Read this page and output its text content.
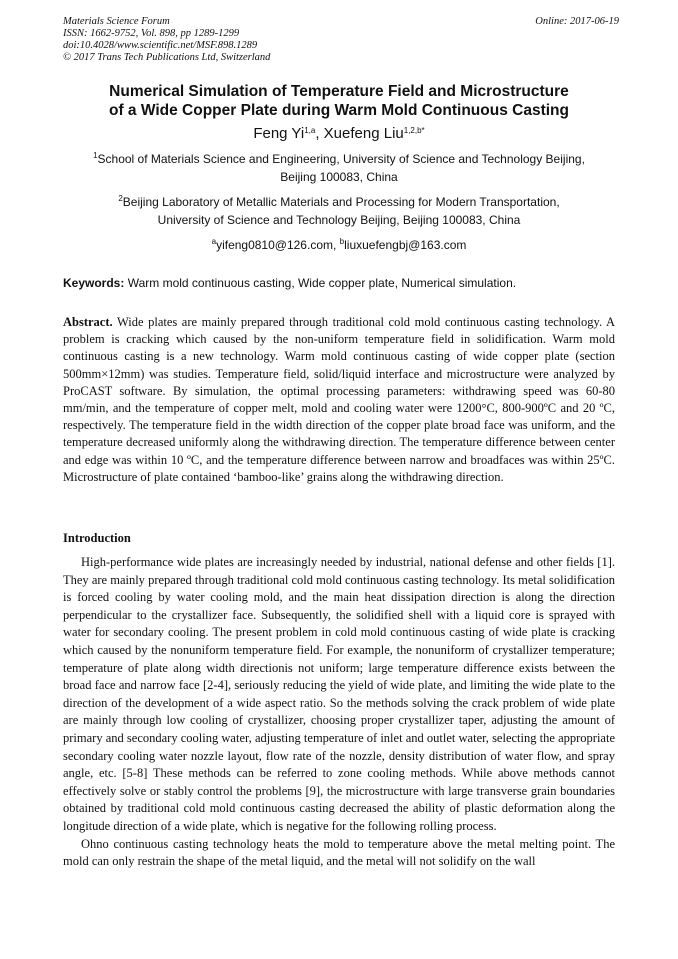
Materials Science Forum
ISSN: 1662-9752, Vol. 898, pp 1289-1299
doi:10.4028/www.scientific.net/MSF.898.1289
© 2017 Trans Tech Publications Ltd, Switzerland
Online: 2017-06-19
Numerical Simulation of Temperature Field and Microstructure
of a Wide Copper Plate during Warm Mold Continuous Casting
Feng Yi$^{1,a}$, Xuefeng Liu$^{1,2,b*}$
$^1$School of Materials Science and Engineering, University of Science and Technology Beijing,
Beijing 100083, China
$^2$Beijing Laboratory of Metallic Materials and Processing for Modern Transportation,
University of Science and Technology Beijing, Beijing 100083, China
$^a$yifeng0810@126.com, $^b$liuxuefengbj@163.com
Keywords: Warm mold continuous casting, Wide copper plate, Numerical simulation.

Abstract. Wide plates are mainly prepared through traditional cold mold continuous casting technology. A problem is cracking which caused by the non-uniform temperature field in solidification. Warm mold continuous casting is a new technology. Warm mold continuous casting of wide copper plate (section 500mm×12mm) was studies. Temperature field, solid/liquid interface and microstructure were analyzed by ProCAST software. By simulation, the optimal processing parameters: withdrawing speed was 60-80 mm/min, and the temperature of copper melt, mold and cooling water were 1200°C, 800-900ºC and 20 ºC, respectively. The temperature field in the width direction of the copper plate broad face was uniform, and the temperature decreased uniformly along the withdrawing direction. The temperature difference between center and edge was within 10 ºC, and the temperature difference between narrow and broadfaces was within 25ºC. Microstructure of plate contained ‘bamboo-like’ grains along the withdrawing direction.

Introduction

High-performance wide plates are increasingly needed by industrial, national defense and other fields [1]. They are mainly prepared through traditional cold mold continuous casting technology. Its metal solidification is forced cooling by water cooling mold, and the main heat dissipation direction is along the direction perpendicular to the crystallizer face. Subsequently, the solidified shell with a liquid core is sprayed with water for secondary cooling. The present problem in cold mold continuous casting of wide plate is cracking which caused by the nonuniform temperature field. For example, the nonuniform of crystallizer temperature; temperature of plate along width directionis not uniform; large temperature difference exists between the broad face and narrow face [2-4], seriously reducing the yield of wide plate, and limiting the wide plate to the direction of the development of a wide aspect ratio. So the methods solving the crack problem of wide plate are mainly through low cooling of crystallizer, choosing proper crystallizer taper, adjusting the amount of primary and secondary cooling water, adjusting temperature of inlet and outlet water, selecting the appropriate secondary cooling water nozzle layout, flow rate of the nozzle, density distribution of water flow, and spray angle, etc. [5-8] These methods can be referred to zone cooling methods. While above methods cannot effectively solve or stably control the problems [9], the microstructure with large transverse grain boundaries obtained by traditional cold mold continuous casting decreased the ability of plastic deformation along the longitude direction of a wide plate, which is negative for the following rolling process.

Ohno continuous casting technology heats the mold to temperature above the metal melting point. The mold can only restrain the shape of the metal liquid, and the metal will not solidify on the wall
